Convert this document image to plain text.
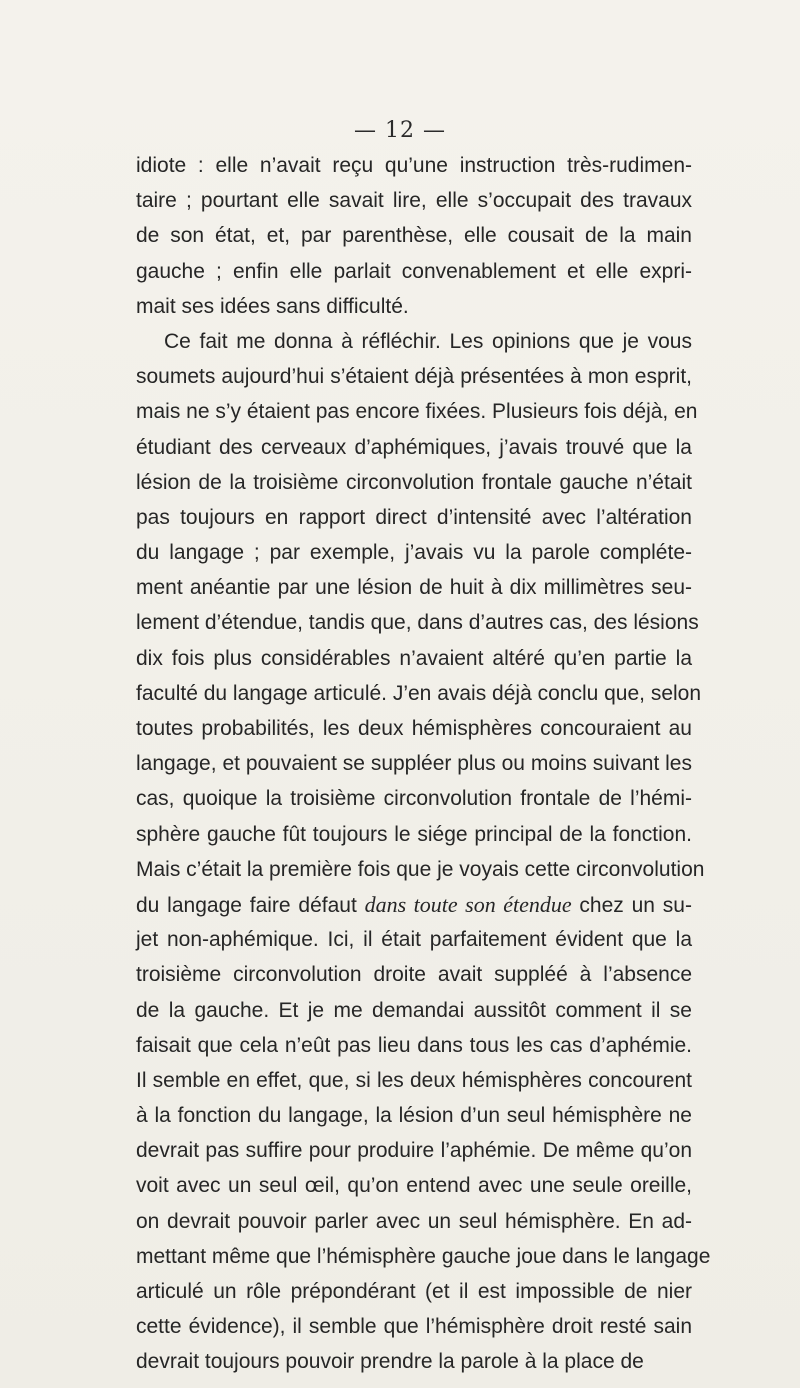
— 12 —
idiote : elle n’avait reçu qu’une instruction très-rudimen-
taire ; pourtant elle savait lire, elle s’occupait des travaux
de son état, et, par parenthèse, elle cousait de la main
gauche ; enfin elle parlait convenablement et elle expri-
mait ses idées sans difficulté.
Ce fait me donna à réfléchir. Les opinions que je vous
soumets aujourd’hui s’étaient déjà présentées à mon esprit,
mais ne s’y étaient pas encore fixées. Plusieurs fois déjà, en
étudiant des cerveaux d’aphémiques, j’avais trouvé que la
lésion de la troisième circonvolution frontale gauche n’était
pas toujours en rapport direct d’intensité avec l’altération
du langage ; par exemple, j’avais vu la parole compléte-
ment anéantie par une lésion de huit à dix millimètres seu-
lement d’étendue, tandis que, dans d’autres cas, des lésions
dix fois plus considérables n’avaient altéré qu’en partie la
faculté du langage articulé. J’en avais déjà conclu que, selon
toutes probabilités, les deux hémisphères concouraient au
langage, et pouvaient se suppléer plus ou moins suivant les
cas, quoique la troisième circonvolution frontale de l’hémi-
sphère gauche fût toujours le siége principal de la fonction.
Mais c’était la première fois que je voyais cette circonvolution
du langage faire défaut dans toute son étendue chez un su-
jet non-aphémique. Ici, il était parfaitement évident que la
troisième circonvolution droite avait suppléé à l’absence
de la gauche. Et je me demandai aussitôt comment il se
faisait que cela n’eût pas lieu dans tous les cas d’aphémie.
Il semble en effet, que, si les deux hémisphères concourent
à la fonction du langage, la lésion d’un seul hémisphère ne
devrait pas suffire pour produire l’aphémie. De même qu’on
voit avec un seul œil, qu’on entend avec une seule oreille,
on devrait pouvoir parler avec un seul hémisphère. En ad-
mettant même que l’hémisphère gauche joue dans le langage
articulé un rôle prépondérant (et il est impossible de nier
cette évidence), il semble que l’hémisphère droit resté sain
devrait toujours pouvoir prendre la parole à la place de
